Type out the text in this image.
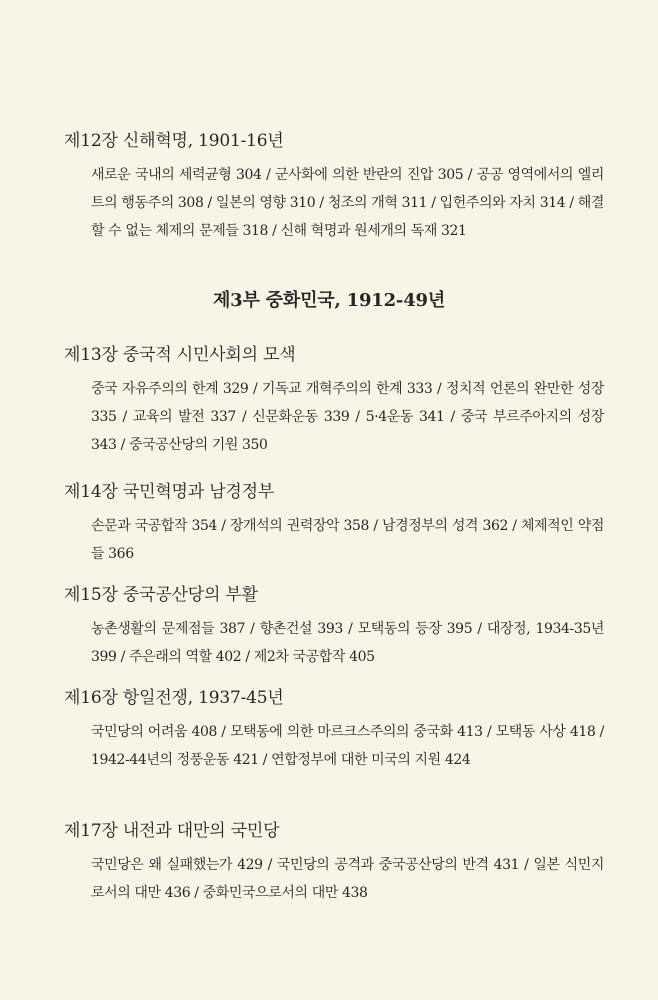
제12장 신해혁명, 1901-16년
새로운 국내의 세력균형 304 / 군사화에 의한 반란의 진압 305 / 공공 영역에서의 엘리트의 행동주의 308 / 일본의 영향 310 / 청조의 개혁 311 / 입헌주의와 자치 314 / 해결할 수 없는 체제의 문제들 318 / 신해 혁명과 원세개의 독재 321
제3부 중화민국, 1912-49년
제13장 중국적 시민사회의 모색
중국 자유주의의 한계 329 / 기독교 개혁주의의 한계 333 / 정치적 언론의 완만한 성장 335 / 교육의 발전 337 / 신문화운동 339 / 5·4운동 341 / 중국 부르주아지의 성장 343 / 중국공산당의 기원 350
제14장 국민혁명과 남경정부
손문과 국공합작 354 / 장개석의 권력장악 358 / 남경정부의 성격 362 / 체제적인 약점들 366
제15장 중국공산당의 부활
농촌생활의 문제점들 387 / 향촌건설 393 / 모택동의 등장 395 / 대장정, 1934-35년 399 / 주은래의 역할 402 / 제2차 국공합작 405
제16장 항일전쟁, 1937-45년
국민당의 어려움 408 / 모택동에 의한 마르크스주의의 중국화 413 / 모택동 사상 418 / 1942-44년의 정풍운동 421 / 연합정부에 대한 미국의 지원 424
제17장 내전과 대만의 국민당
국민당은 왜 실패했는가 429 / 국민당의 공격과 중국공산당의 반격 431 / 일본 식민지로서의 대만 436 / 중화민국으로서의 대만 438
